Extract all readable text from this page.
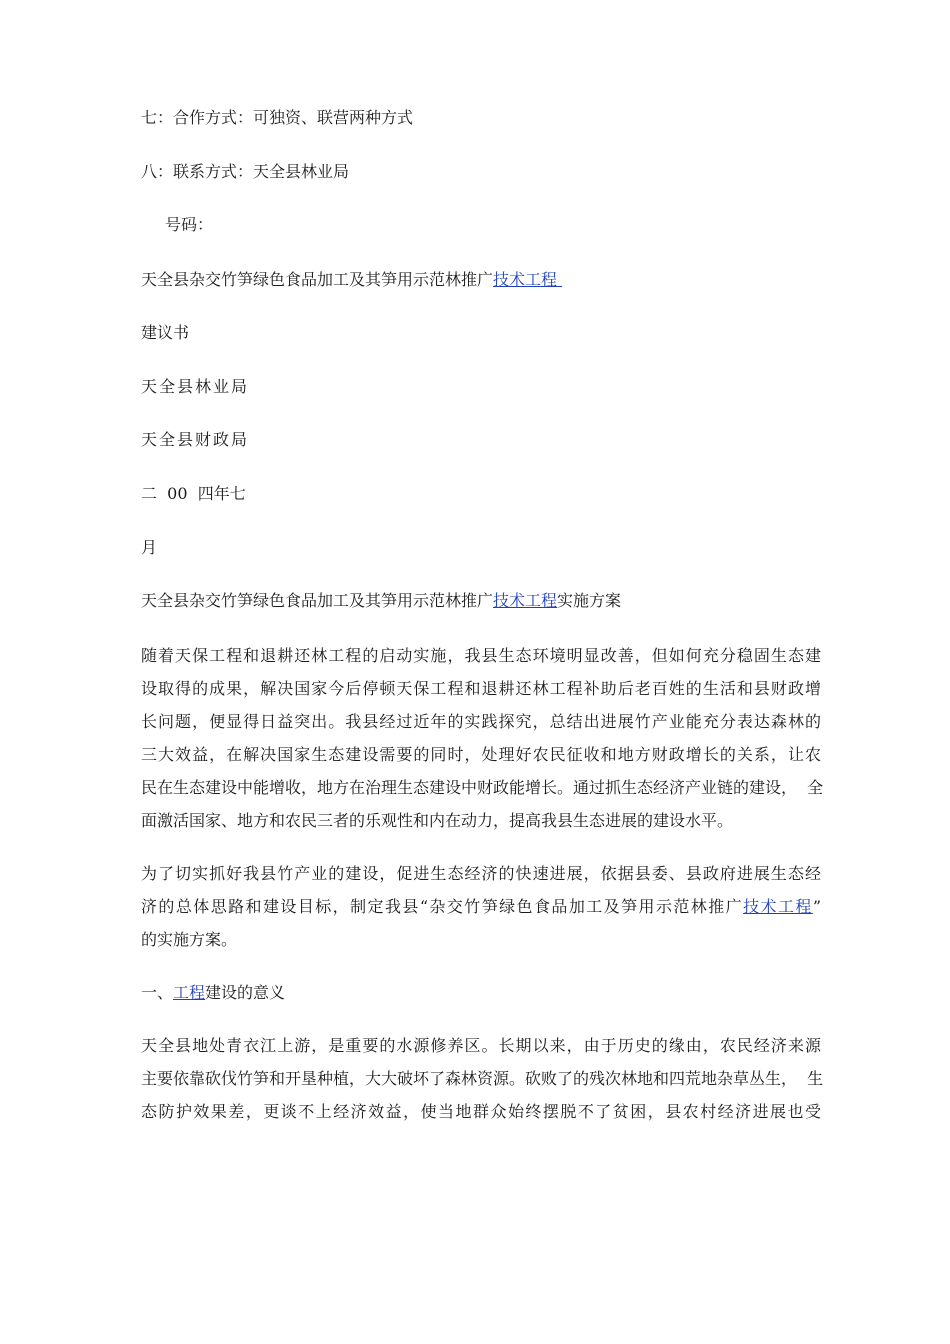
七：合作方式：可独资、联营两种方式
八：联系方式：天全县林业局
号码：
天全县杂交竹笋绿色食品加工及其笋用示范林推广技术工程
建议书
天全县林业局
天全县财政局
二  00  四年七
月
天全县杂交竹笋绿色食品加工及其笋用示范林推广技术工程实施方案
随着天保工程和退耕还林工程的启动实施，我县生态环境明显改善，但如何充分稳固生态建
设取得的成果，解决国家今后停顿天保工程和退耕还林工程补助后老百姓的生活和县财政增
长问题，便显得日益突出。我县经过近年的实践探究，总结出进展竹产业能充分表达森林的
三大效益，在解决国家生态建设需要的同时，处理好农民征收和地方财政增长的关系，让农
民在生态建设中能增收，地方在治理生态建设中财政能增长。通过抓生态经济产业链的建设，  全
面激活国家、地方和农民三者的乐观性和内在动力，提高我县生态进展的建设水平。
为了切实抓好我县竹产业的建设，促进生态经济的快速进展，依据县委、县政府进展生态经
济的总体思路和建设目标，制定我县“杂交竹笋绿色食品加工及笋用示范林推广技术工程”
的实施方案。
一、工程建设的意义
天全县地处青衣江上游，是重要的水源修养区。长期以来，由于历史的缘由，农民经济来源
主要依靠砍伐竹笋和开垦种植，大大破坏了森林资源。砍败了的残次林地和四荒地杂草丛生，  生
态防护效果差，更谈不上经济效益，使当地群众始终摆脱不了贫困，县农村经济进展也受
